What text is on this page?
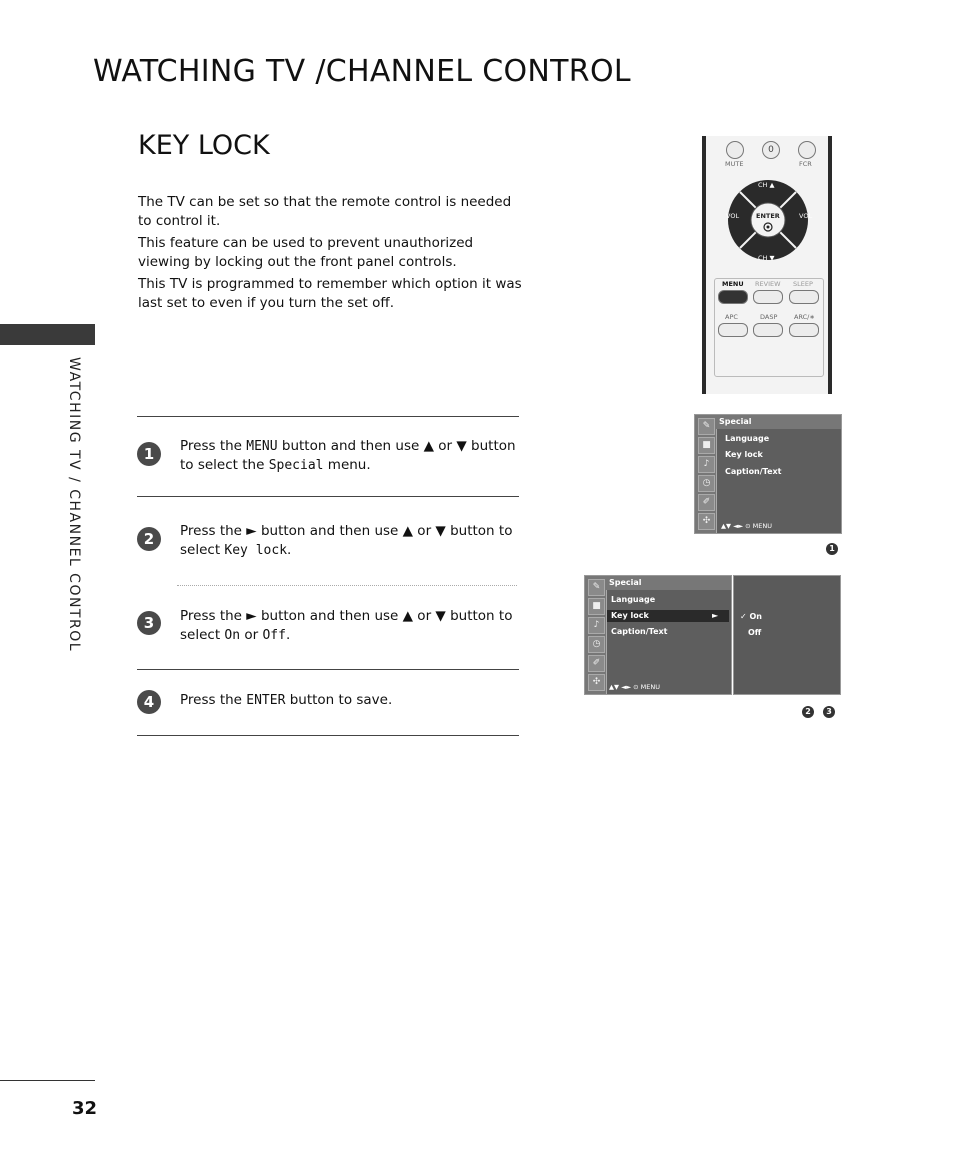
WATCHING TV /CHANNEL CONTROL
KEY LOCK

The TV can be set so that the remote control is needed to control it.

This feature can be used to prevent unauthorized viewing by locking out the front panel controls.

This TV is programmed to remember which option it was last set to even if you turn the set off.

WATCHING TV / CHANNEL CONTROL	1	Press the MENU button and then use ▲ or ▼ button to select the Special menu.

2	Press the ► button and then use ▲ or ▼ button to select Key lock.

3	Press the ► button and then use ▲ or ▼ button to select On or Off.

4	Press the ENTER button to save.

0
MUTE	FCR
CH ▲
CH ▼
VOL	VOL
ENTER
MENU REVIEW SLEEP
APC	DASP	ARC/∗
✎
■
♪
◷
✐
✣
Special
Language
Key lock
Caption/Text
▲▼ ◄► ⊙ MENU
1
✎
■
♪
◷
✐
✣
Special
Language
Key lock	►
Caption/Text
▲▼ ◄► ⊙ MENU
✓ On
Off
2	3
32
